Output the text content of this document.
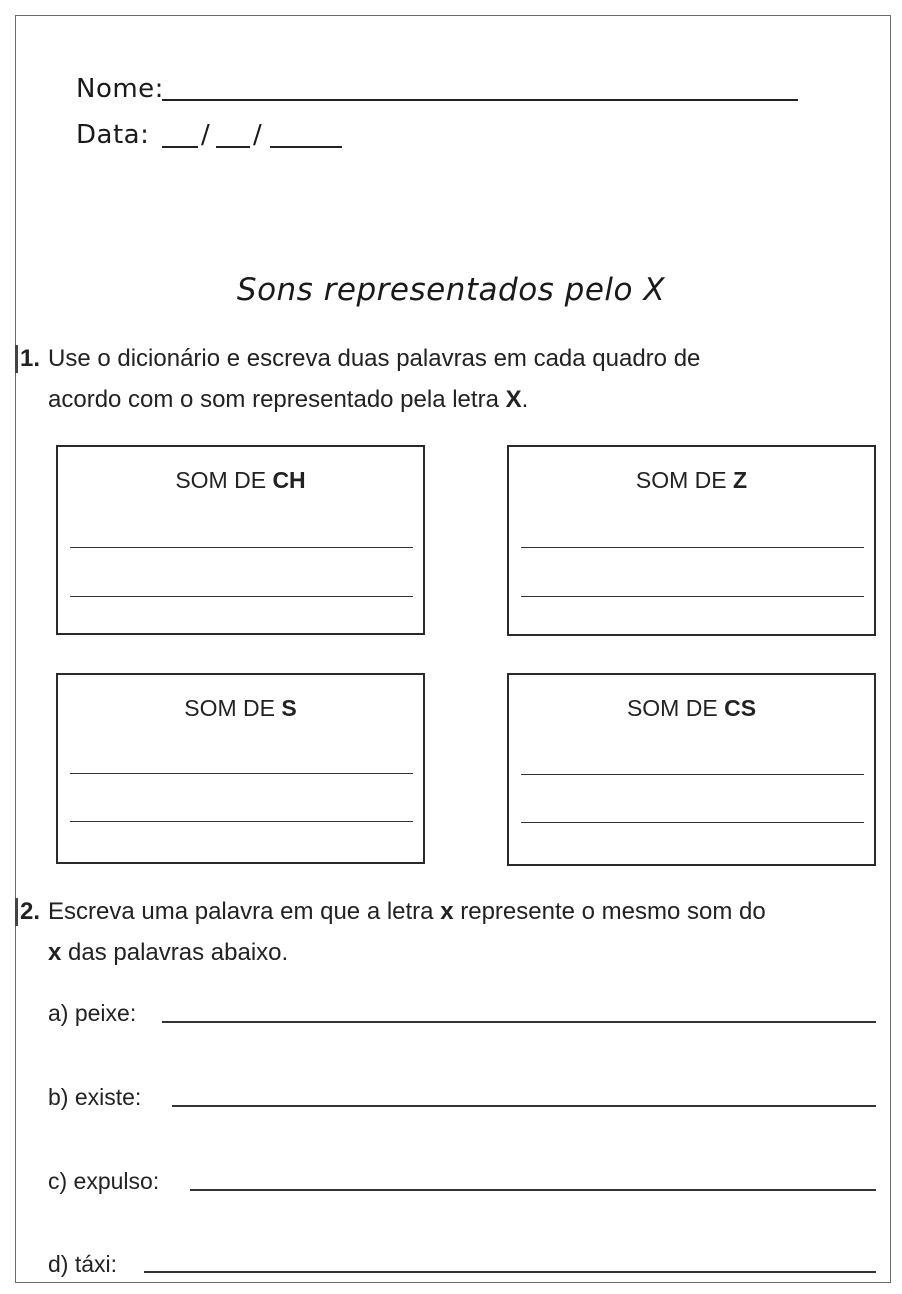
Nome:
Data: / /
Sons representados pelo X
1. Use o dicionário e escreva duas palavras em cada quadro de
acordo com o som representado pela letra X.
SOM DE CH	SOM DE Z
SOM DE S	SOM DE CS
2. Escreva uma palavra em que a letra x represente o mesmo som do
x das palavras abaixo.
a) peixe:
b) existe:
c) expulso:
d) táxi:
